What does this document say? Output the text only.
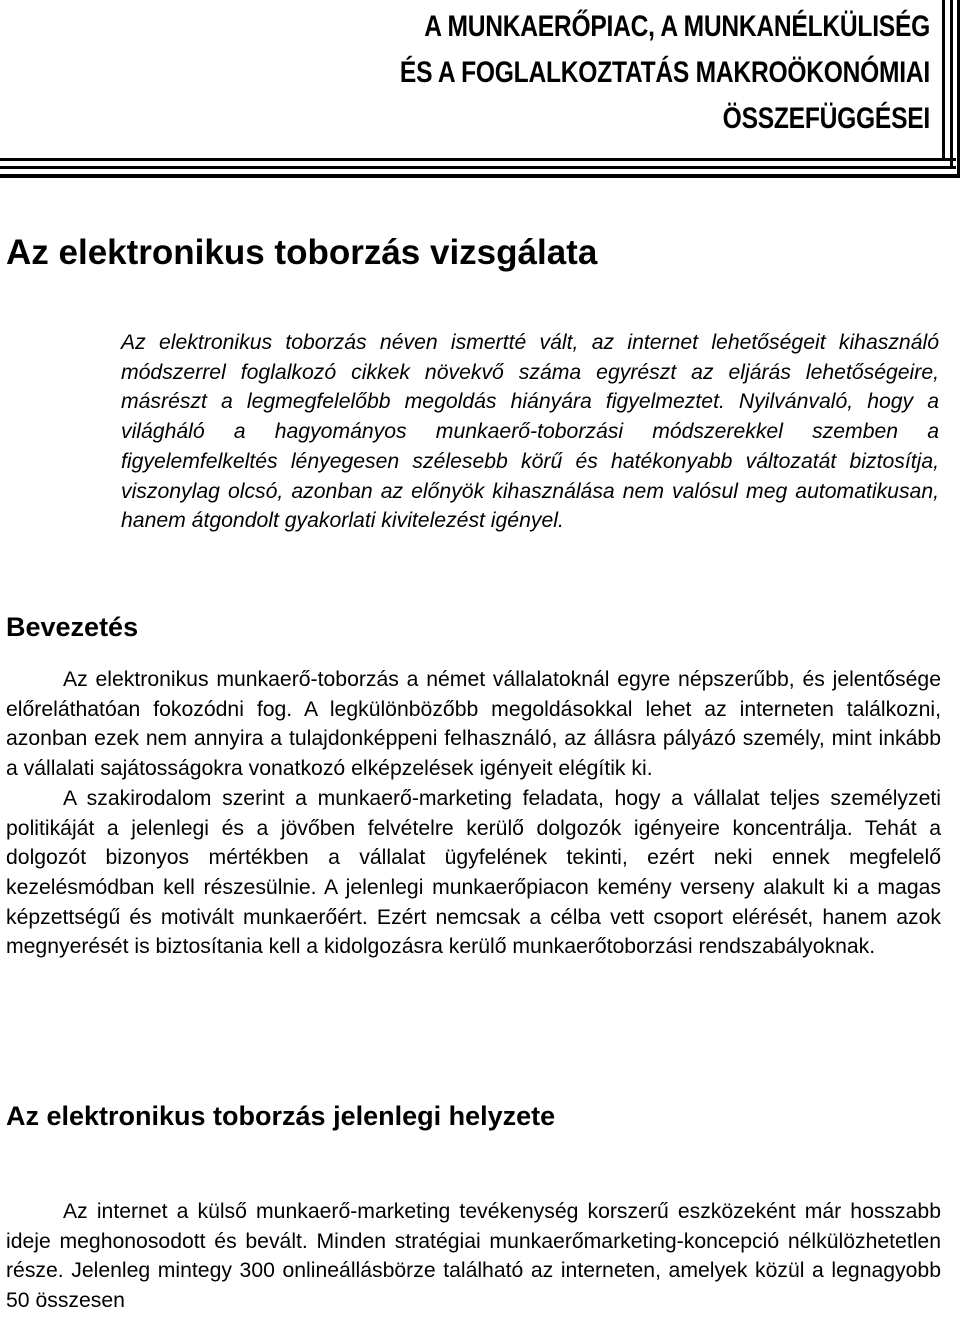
A MUNKAERŐPIAC, A MUNKANÉLKÜLISÉG
ÉS A FOGLALKOZTATÁS MAKROÖKONÓMIAI
ÖSSZEFÜGGÉSEI
Az elektronikus toborzás vizsgálata

Az elektronikus toborzás néven ismertté vált, az internet lehetőségeit kihasználó módszerrel foglalkozó cikkek növekvő száma egyrészt az eljárás lehetőségeire, másrészt a legmegfelelőbb megoldás hiányára figyelmeztet. Nyilvánvaló, hogy a világháló a hagyományos munkaerő-toborzási módszerekkel szemben a figyelemfelkeltés lényegesen szélesebb körű és hatékonyabb változatát biztosítja, viszonylag olcsó, azonban az előnyök kihasználása nem valósul meg automatikusan, hanem átgondolt gyakorlati kivitelezést igényel.

Bevezetés

Az elektronikus munkaerő-toborzás a német vállalatoknál egyre népszerűbb, és jelentősége előreláthatóan fokozódni fog. A legkülönbözőbb megoldásokkal lehet az interneten találkozni, azonban ezek nem annyira a tulajdonképpeni felhasználó, az állásra pályázó személy, mint inkább a vállalati sajátosságokra vonatkozó elképzelések igényeit elégítik ki.

A szakirodalom szerint a munkaerő-marketing feladata, hogy a vállalat teljes személyzeti politikáját a jelenlegi és a jövőben felvételre kerülő dolgozók igényeire koncentrálja. Tehát a dolgozót bizonyos mértékben a vállalat ügyfelének tekinti, ezért neki ennek megfelelő kezelésmódban kell részesülnie. A jelenlegi munkaerőpiacon kemény verseny alakult ki a magas képzettségű és motivált munkaerőért. Ezért nemcsak a célba vett csoport elérését, hanem azok megnyerését is biztosítania kell a kidolgozásra kerülő munkaerőtoborzási rendszabályoknak.

Az elektronikus toborzás jelenlegi helyzete

Az internet a külső munkaerő-marketing tevékenység korszerű eszközeként már hosszabb ideje meghonosodott és bevált. Minden stratégiai munkaerőmarketing-koncepció nélkülözhetetlen része. Jelenleg mintegy 300 onlineállásbörze található az interneten, amelyek közül a legnagyobb 50 összesen
